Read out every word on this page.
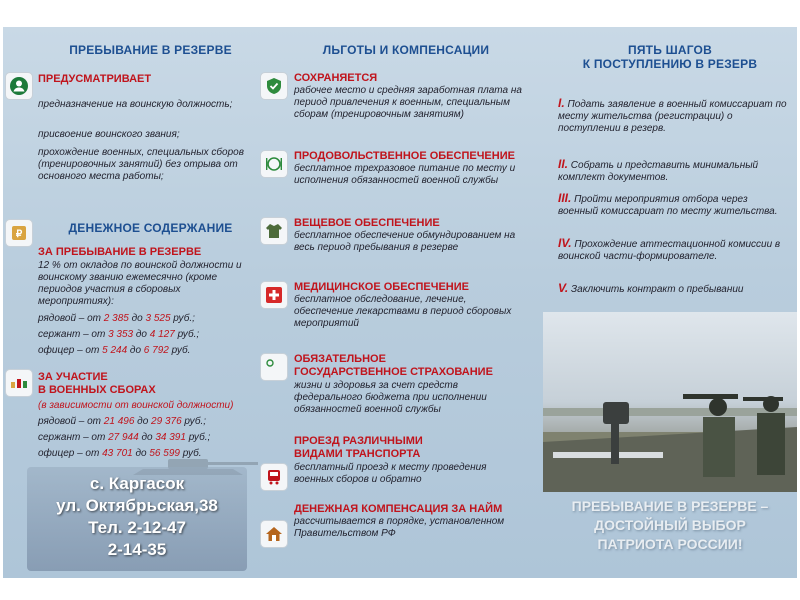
ПРЕБЫВАНИЕ В РЕЗЕРВЕ
ПРЕДУСМАТРИВАЕТ
предназначение на воинскую должность;
присвоение воинского звания;
прохождение военных, специальных сборов (тренировочных занятий) без отрыва от основного места работы;
₽	ДЕНЕЖНОЕ СОДЕРЖАНИЕ
ЗА ПРЕБЫВАНИЕ В РЕЗЕРВЕ
12 % от окладов по воинской должности и воинскому званию ежемесячно (кроме периодов участия в сборовых мероприятиях):
рядовой – от 2 385 до 3 525 руб.;
сержант – от 3 353 до 4 127 руб.;
офицер – от 5 244 до 6 792 руб.
ЗА УЧАСТИЕ
В ВОЕННЫХ СБОРАХ
(в зависимости от воинской должности)
рядовой – от 21 496 до 29 376 руб.;
сержант – от 27 944 до 34 391 руб.;
офицер – от 43 701 до 56 599 руб.
с. Каргасок
ул. Октябрьская,38
Тел. 2-12-47
2-14-35
ЛЬГОТЫ И КОМПЕНСАЦИИ
СОХРАНЯЕТСЯ
рабочее место и средняя заработная плата на период привлечения к военным, специальным сборам (тренировочным занятиям)
ПРОДОВОЛЬСТВЕННОЕ ОБЕСПЕЧЕНИЕ
бесплатное трехразовое питание по месту и исполнения обязанностей военной службы
ВЕЩЕВОЕ ОБЕСПЕЧЕНИЕ
бесплатное обеспечение обмундированием на весь период пребывания в резерве
МЕДИЦИНСКОЕ ОБЕСПЕЧЕНИЕ
бесплатное обследование, лечение, обеспечение лекарствами в период сборовых мероприятий
ОБЯЗАТЕЛЬНОЕ
ГОСУДАРСТВЕННОЕ СТРАХОВАНИЕ
жизни и здоровья за счет средств федерального бюджета при исполнении обязанностей военной службы
ПРОЕЗД РАЗЛИЧНЫМИ
ВИДАМИ ТРАНСПОРТА
бесплатный проезд к месту проведения военных сборов и обратно
ДЕНЕЖНАЯ КОМПЕНСАЦИЯ ЗА НАЙМ
рассчитывается в порядке, установленном Правительством РФ
ПЯТЬ ШАГОВ
К ПОСТУПЛЕНИЮ В РЕЗЕРВ
I. Подать заявление в военный комиссариат по месту жительства (регистрации) о поступлении в резерв.
II. Собрать и представить минимальный комплект документов.
III. Пройти мероприятия отбора через военный комиссариат по месту жительства.
IV. Прохождение аттестационной комиссии в воинской части-формирователе.
V. Заключить контракт о пребывании
ПРЕБЫВАНИЕ В РЕЗЕРВЕ –
ДОСТОЙНЫЙ ВЫБОР
ПАТРИОТА РОССИИ!
